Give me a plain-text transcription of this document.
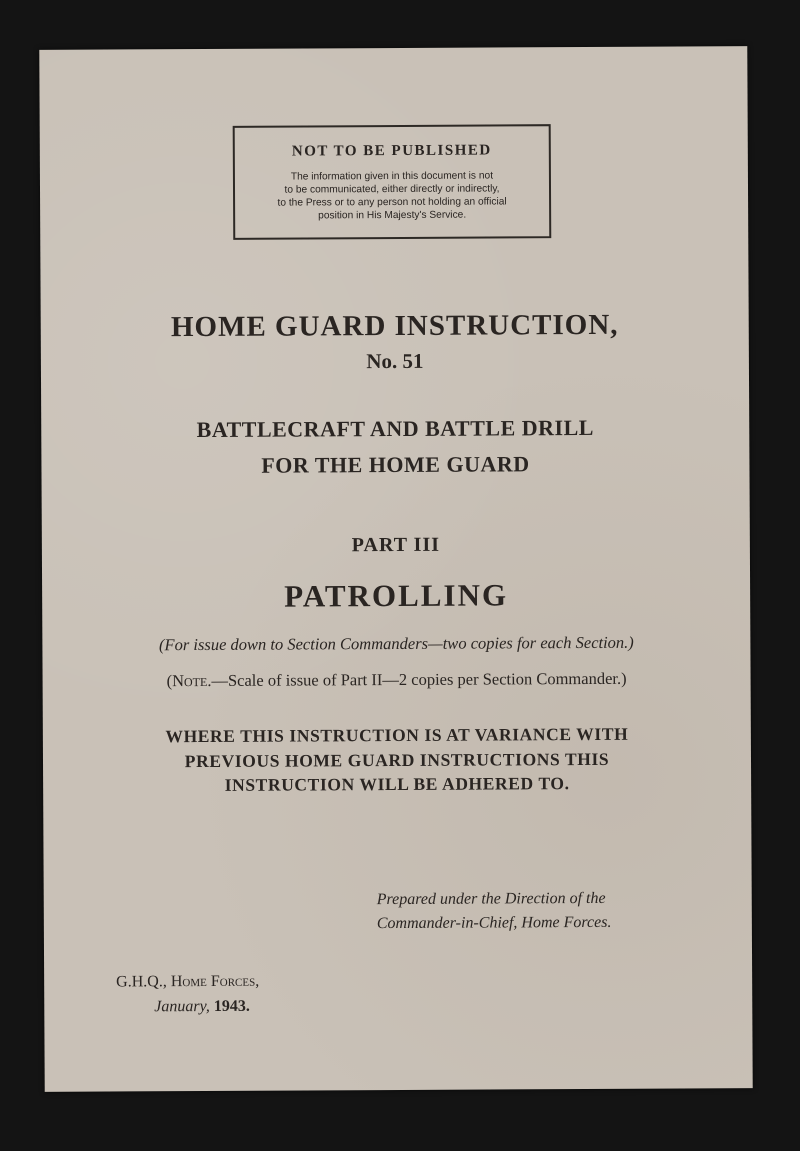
NOT TO BE PUBLISHED
The information given in this document is not
to be communicated, either directly or indirectly,
to the Press or to any person not holding an official
position in His Majesty's Service.
HOME GUARD INSTRUCTION,
No. 51
BATTLECRAFT AND BATTLE DRILL
FOR THE HOME GUARD
PART III
PATROLLING
(For issue down to Section Commanders—two copies for each Section.)
(Note.—Scale of issue of Part II—2 copies per Section Commander.)
WHERE THIS INSTRUCTION IS AT VARIANCE WITH
PREVIOUS HOME GUARD INSTRUCTIONS THIS
INSTRUCTION WILL BE ADHERED TO.
Prepared under the Direction of the
Commander-in-Chief, Home Forces.
G.H.Q., Home Forces,
January, 1943.
